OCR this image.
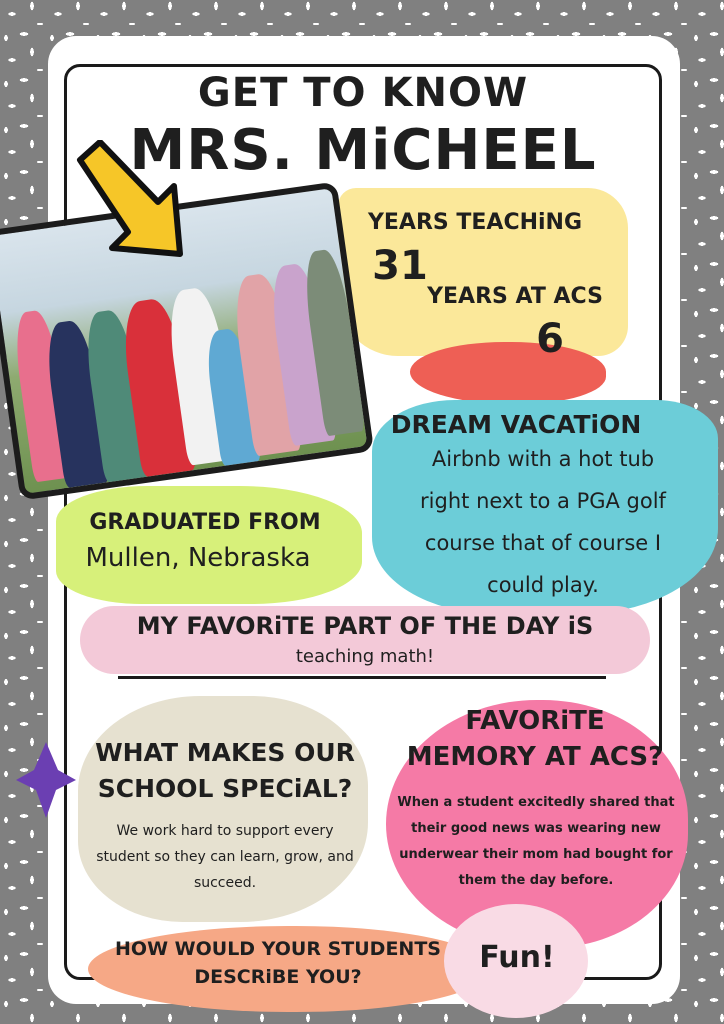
GET TO KNOW
MRS. MiCHEEL
YEARS TEACHiNG
31
YEARS AT ACS
6
DREAM VACATiON
Airbnb with a hot tub
right next to a PGA golf
course that of course I
could play.
GRADUATED FROM
Mullen, Nebraska
MY FAVORiTE PART OF THE DAY iS
teaching math!
WHAT MAKES OUR
SCHOOL SPECiAL?
We work hard to support every
student so they can learn, grow, and
succeed.
FAVORiTE
MEMORY AT ACS?
When a student excitedly shared that
their good news was wearing new
underwear their mom had bought for
them the day before.
HOW WOULD YOUR STUDENTS
DESCRiBE YOU?
Fun!
